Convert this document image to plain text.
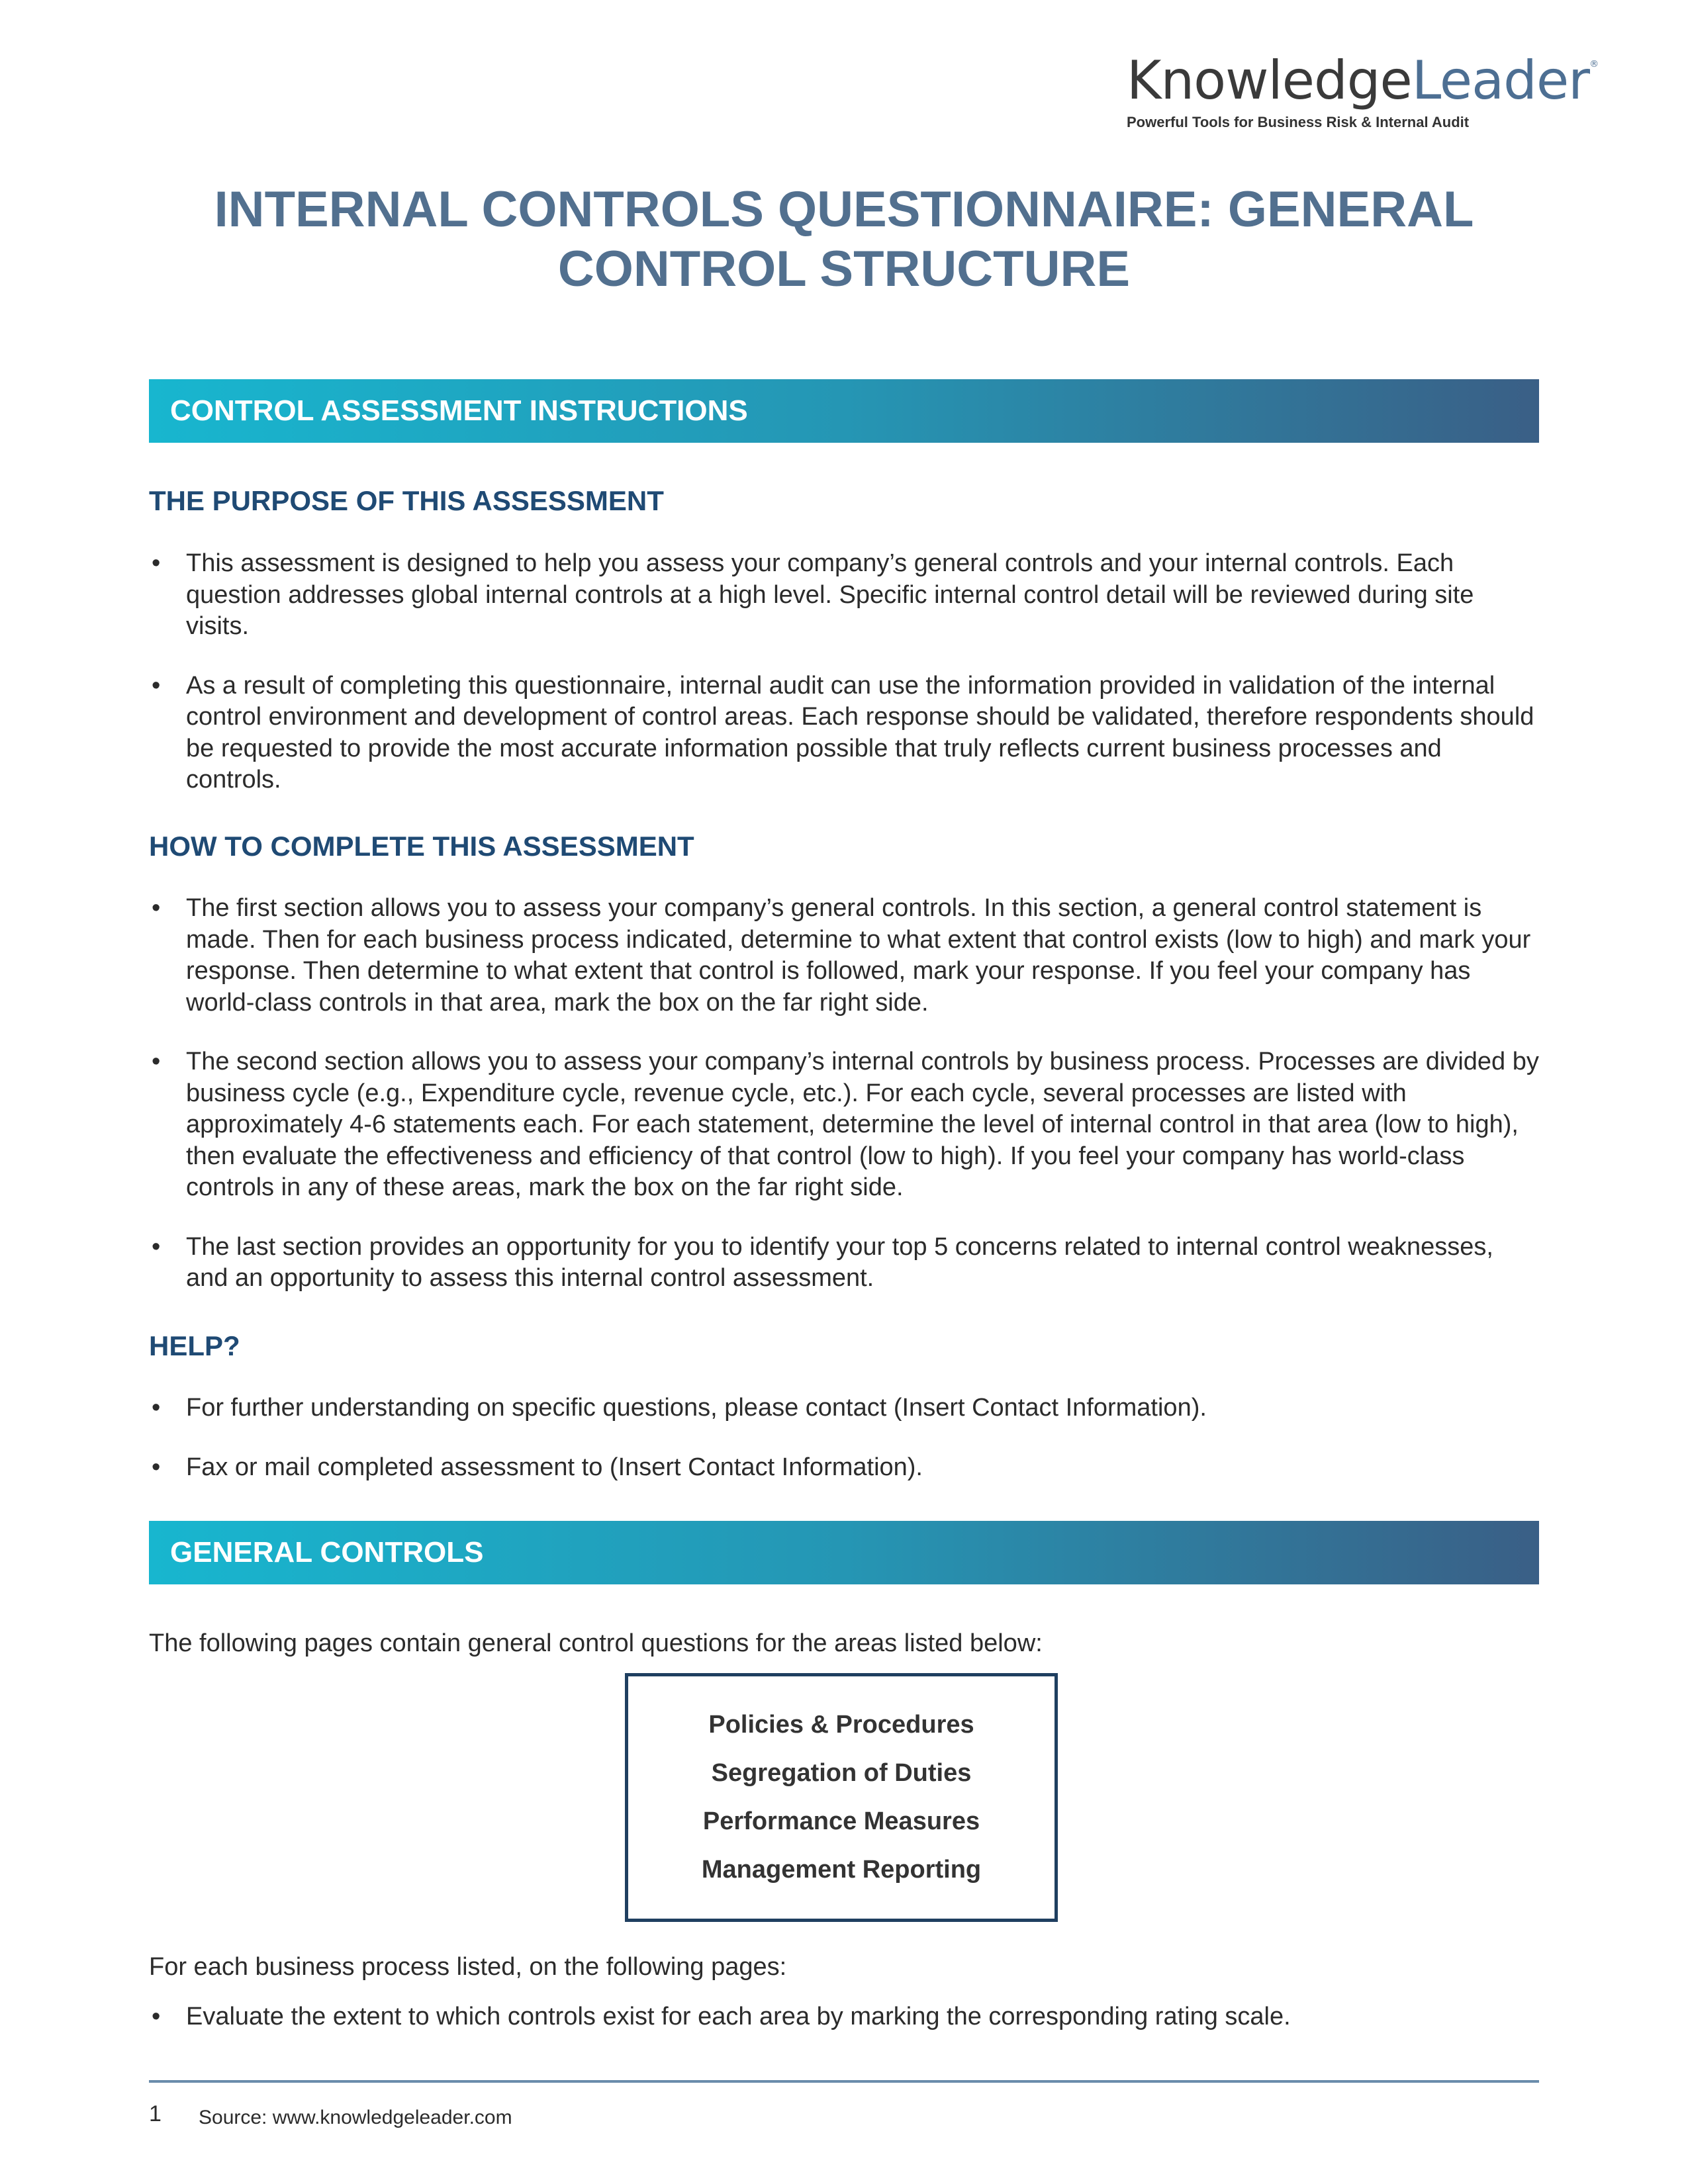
KnowledgeLeader®
Powerful Tools for Business Risk & Internal Audit
INTERNAL CONTROLS QUESTIONNAIRE: GENERAL
CONTROL STRUCTURE
CONTROL ASSESSMENT INSTRUCTIONS
THE PURPOSE OF THIS ASSESSMENT
• This assessment is designed to help you assess your company’s general controls and your internal controls. Each question addresses global internal controls at a high level. Specific internal control detail will be reviewed during site visits.
• As a result of completing this questionnaire, internal audit can use the information provided in validation of the internal control environment and development of control areas. Each response should be validated, therefore respondents should be requested to provide the most accurate information possible that truly reflects current business processes and controls.
HOW TO COMPLETE THIS ASSESSMENT
• The first section allows you to assess your company’s general controls. In this section, a general control statement is made. Then for each business process indicated, determine to what extent that control exists (low to high) and mark your response. Then determine to what extent that control is followed, mark your response. If you feel your company has world-class controls in that area, mark the box on the far right side.
• The second section allows you to assess your company’s internal controls by business process. Processes are divided by business cycle (e.g., Expenditure cycle, revenue cycle, etc.). For each cycle, several processes are listed with approximately 4-6 statements each. For each statement, determine the level of internal control in that area (low to high), then evaluate the effectiveness and efficiency of that control (low to high). If you feel your company has world-class controls in any of these areas, mark the box on the far right side.
• The last section provides an opportunity for you to identify your top 5 concerns related to internal control weaknesses, and an opportunity to assess this internal control assessment.
HELP?
• For further understanding on specific questions, please contact (Insert Contact Information).
• Fax or mail completed assessment to (Insert Contact Information).
GENERAL CONTROLS

The following pages contain general control questions for the areas listed below:

Policies & Procedures
Segregation of Duties
Performance Measures
Management Reporting

For each business process listed, on the following pages:

• Evaluate the extent to which controls exist for each area by marking the corresponding rating scale.
1 Source: www.knowledgeleader.com
